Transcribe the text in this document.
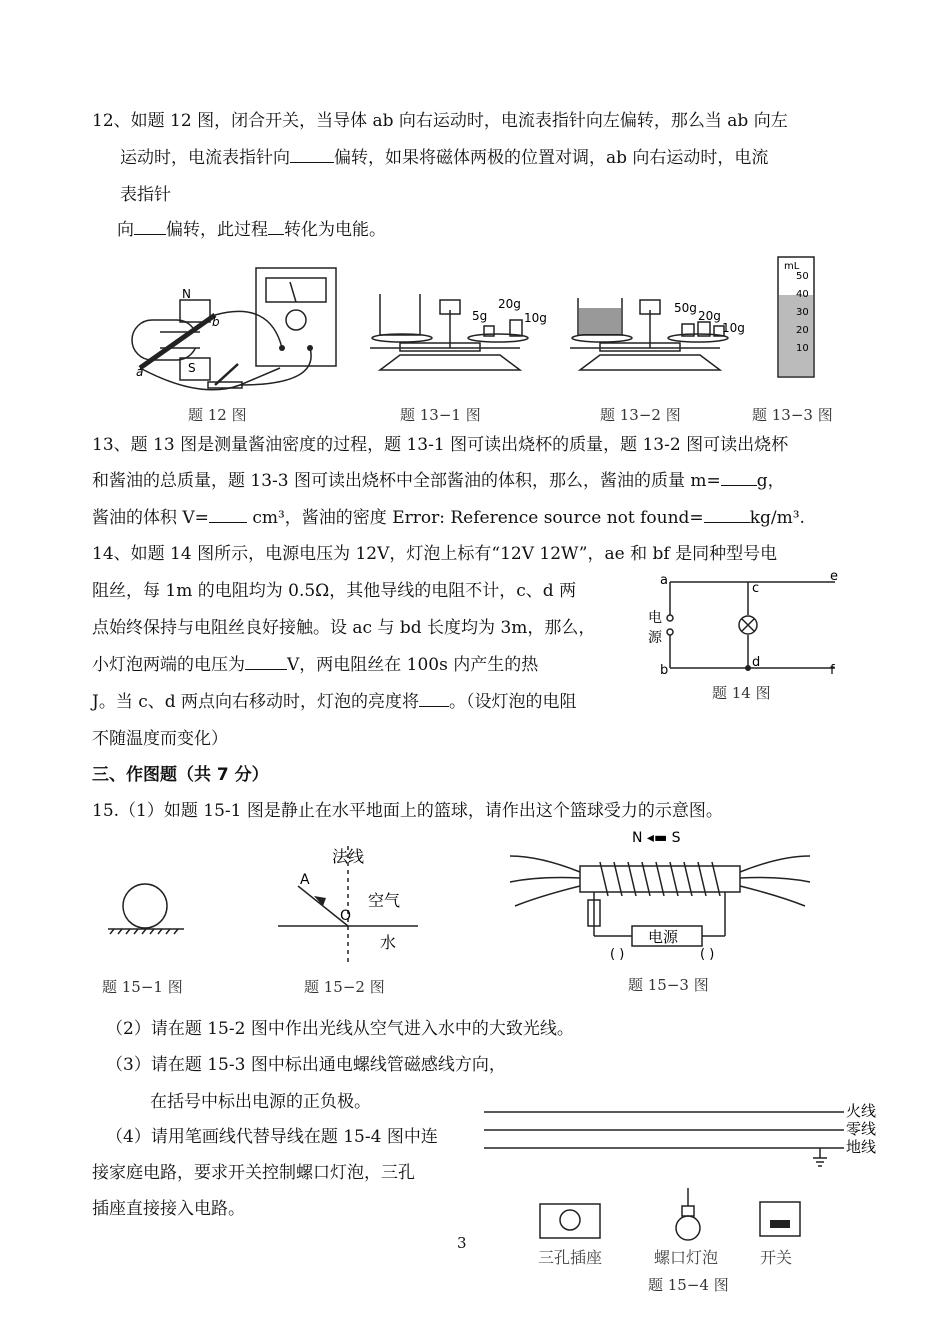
12、如题 12 图，闭合开关，当导体 ab 向右运动时，电流表指针向左偏转，那么当 ab 向左
运动时，电流表指针向	偏转，如果将磁体两极的位置对调，ab 向右运动时，电流
表指针
向 偏转，此过程 转化为电能。
N
S
a
b
题 12 图
20g
5g	10g
题 13−1 图
50g
20g
10g
题 13−2 图
mL
50
40
30
20
10
题 13−3 图
13、题 13 图是测量酱油密度的过程，题 13-1 图可读出烧杯的质量，题 13-2 图可读出烧杯
和酱油的总质量，题 13-3 图可读出烧杯中全部酱油的体积，那么，酱油的质量 m= g，
酱油的体积 V= cm³，酱油的密度 Error: Reference source not found=	kg/m³.
14、如题 14 图所示，电源电压为 12V，灯泡上标有“12V 12W”，ae 和 bf 是同种型号电
阻丝，每 1m 的电阻均为 0.5Ω，其他导线的电阻不计，c、d 两
点始终保持与电阻丝良好接触。设 ac 与 bd 长度均为 3m，那么，
小灯泡两端的电压为 V，两电阻丝在 100s 内产生的热
J。当 c、d 两点向右移动时，灯泡的亮度将 。（设灯泡的电阻
不随温度而变化）
a
b
c
d
e
f
电
源
题 14 图
三、作图题（共 7 分）
15.（1）如题 15-1 图是静止在水平地面上的篮球，请作出这个篮球受力的示意图。
题 15−1 图
法线
空气
水
A
O
题 15−2 图
N ◂▬ S
电源
( )	( )
题 15−3 图
（2）请在题 15-2 图中作出光线从空气进入水中的大致光线。
（3）请在题 15-3 图中标出通电螺线管磁感线方向，
在括号中标出电源的正负极。
（4）请用笔画线代替导线在题 15-4 图中连
接家庭电路，要求开关控制螺口灯泡，三孔
插座直接接入电路。
火线
零线
地线
三孔插座	螺口灯泡	开关
题 15−4 图
3
